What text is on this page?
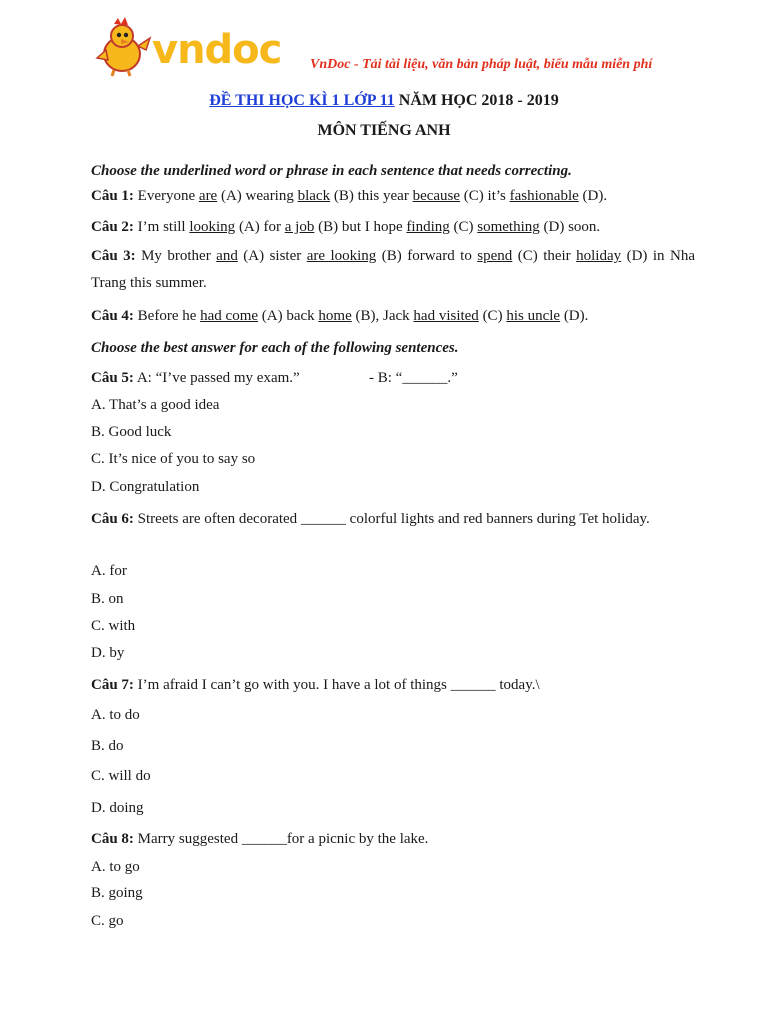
vndoc VnDoc - Tải tài liệu, văn bản pháp luật, biểu mẫu miễn phí
ĐỀ THI HỌC KÌ 1 LỚP 11 NĂM HỌC 2018 - 2019
MÔN TIẾNG ANH
Choose the underlined word or phrase in each sentence that needs correcting.
Câu 1: Everyone are (A) wearing black (B) this year because (C) it’s fashionable (D).
Câu 2: I’m still looking (A) for a job (B) but I hope finding (C) something (D) soon.
Câu 3: My brother and (A) sister are looking (B) forward to spend (C) their holiday (D) in Nha Trang this summer.
Câu 4: Before he had come (A) back home (B), Jack had visited (C) his uncle (D).
Choose the best answer for each of the following sentences.
Câu 5: A: “I’ve passed my exam.”	- B: “______.”
A. That’s a good idea
B. Good luck
C. It’s nice of you to say so
D. Congratulation
Câu 6: Streets are often decorated ______ colorful lights and red banners during Tet holiday.
A. for
B. on
C. with
D. by
Câu 7: I’m afraid I can’t go with you. I have a lot of things ______ today.\
A. to do
B. do
C. will do
D. doing
Câu 8: Marry suggested ______for a picnic by the lake.
A. to go
B. going
C. go
